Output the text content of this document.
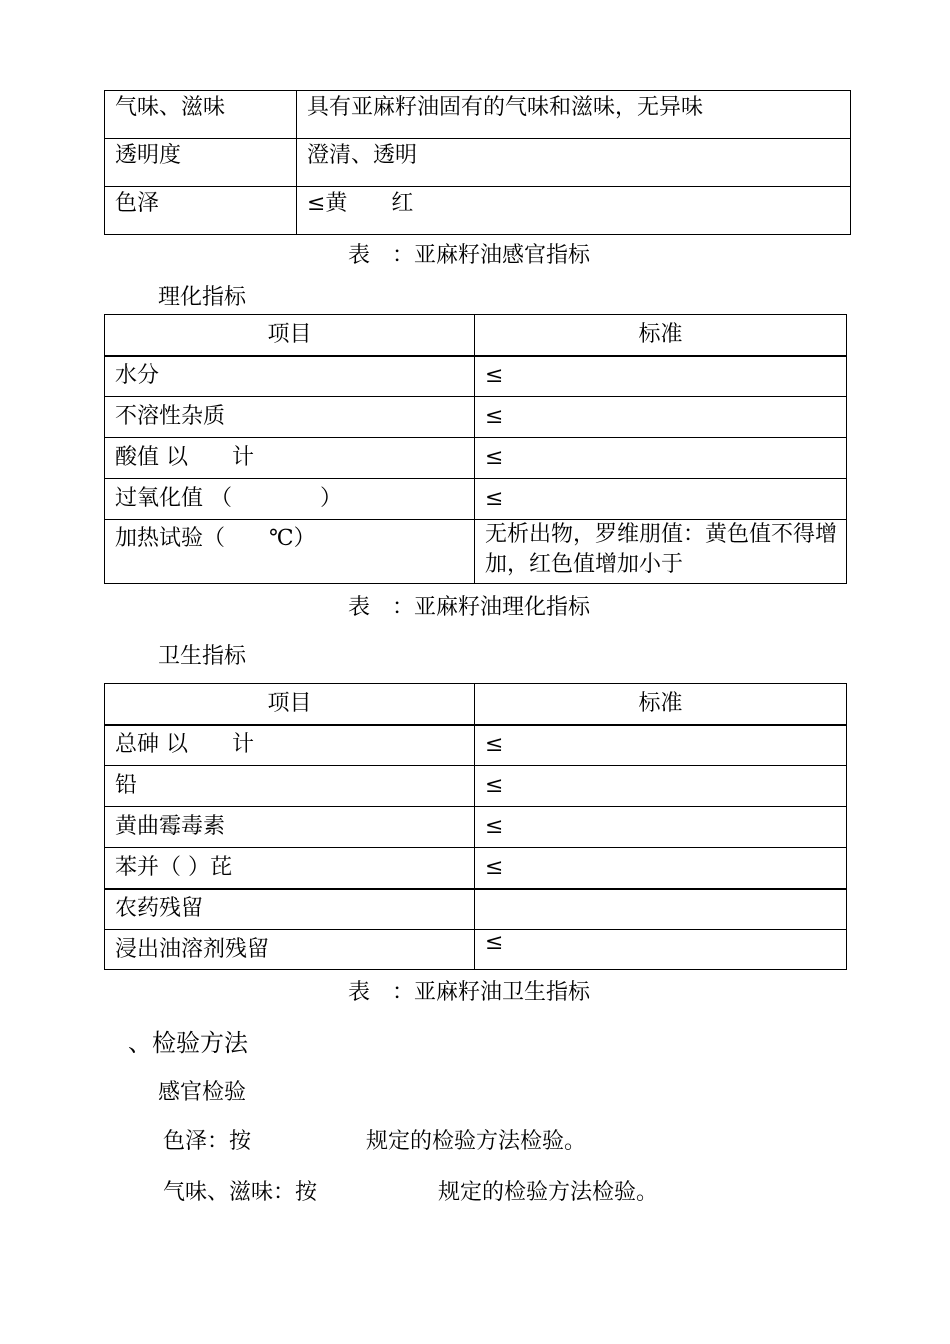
气味、滋味	具有亚麻籽油固有的气味和滋味，无异味
透明度	澄清、透明
色泽	≤黄　　红
表　：亚麻籽油感官指标
理化指标
项目	标准
水分	≤
不溶性杂质	≤
酸值 以　　计	≤
过氧化值 （　　　　）	≤
加热试验（　　℃）	无析出物，罗维朋值：黄色值不得增加，红色值增加小于
表　：亚麻籽油理化指标
卫生指标
项目	标准
总砷 以　　计	≤
铅	≤
黄曲霉毒素	≤
苯并（ ）芘	≤
农药残留	
浸出油溶剂残留	≤
表　：亚麻籽油卫生指标
、检验方法
感官检验
色泽：按	规定的检验方法检验。
气味、滋味：按	规定的检验方法检验。
